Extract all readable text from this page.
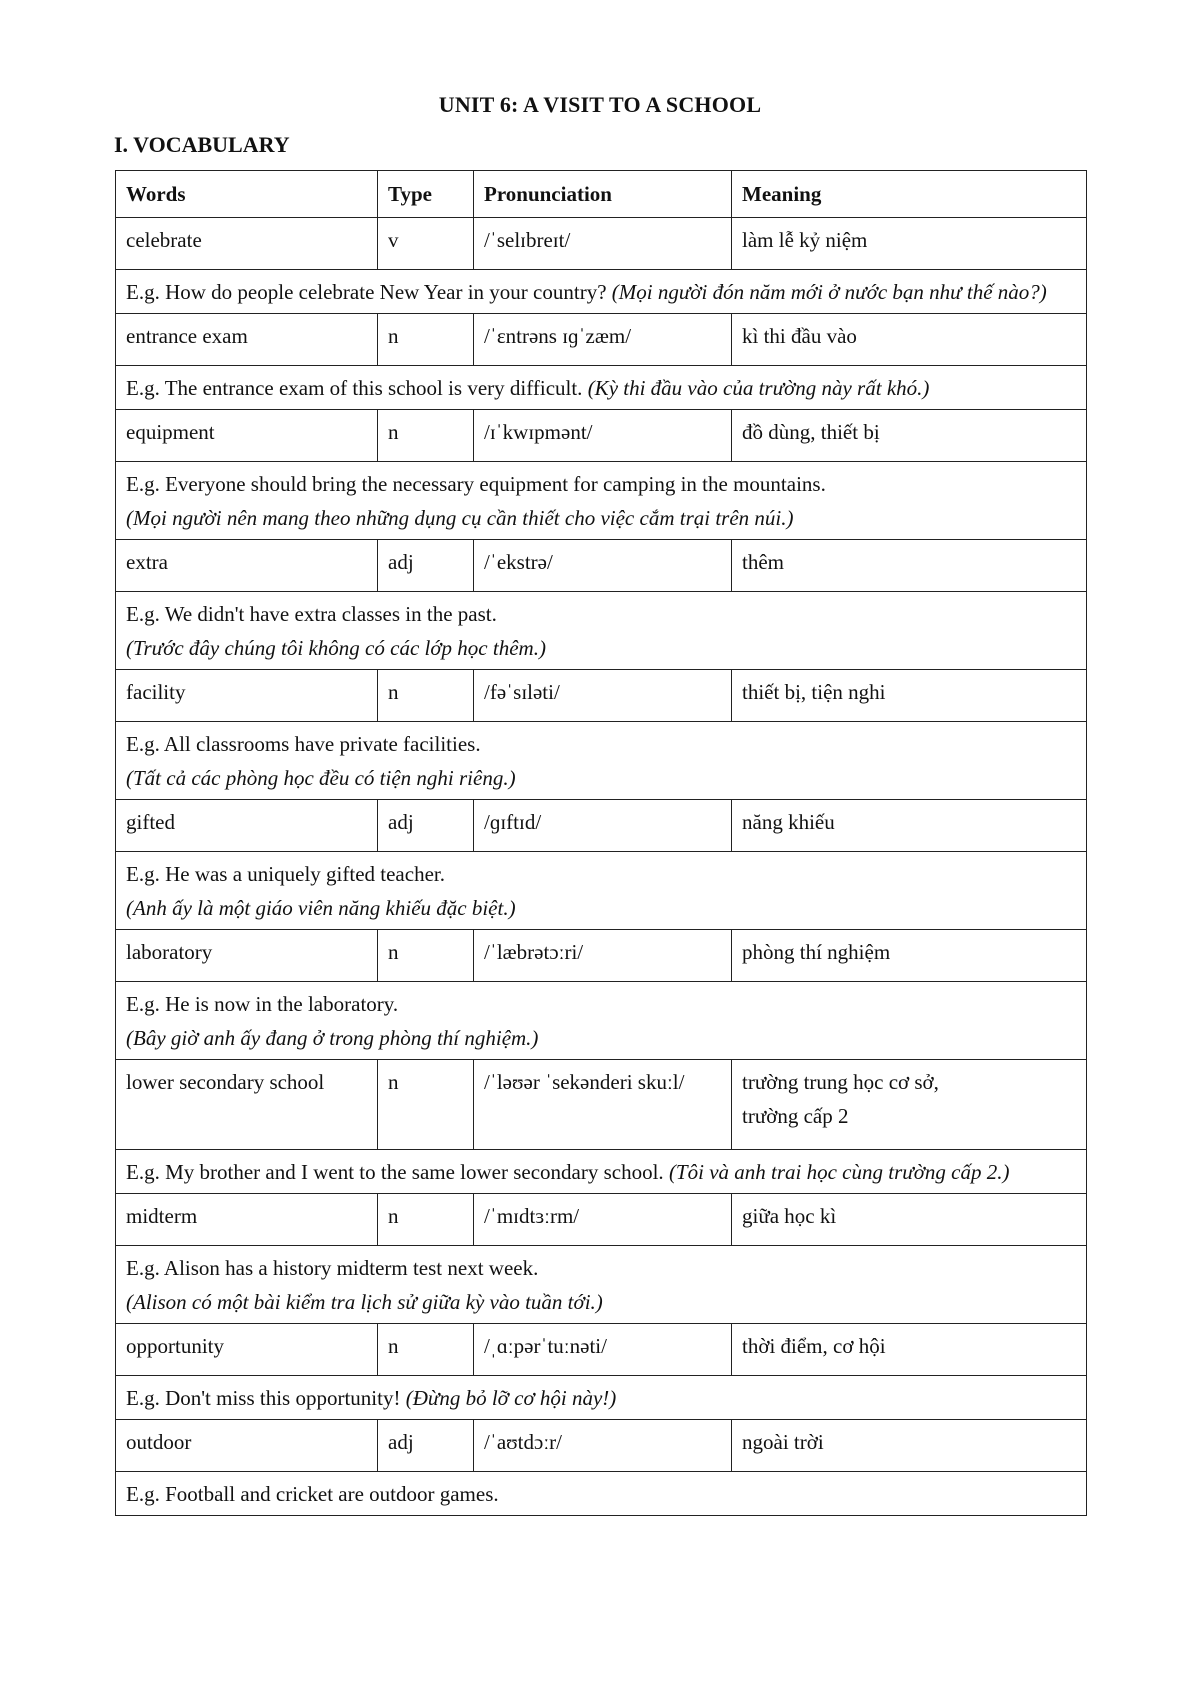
UNIT 6: A VISIT TO A SCHOOL
I. VOCABULARY
Words	Type	Pronunciation	Meaning
celebrate	v	/ˈselɪbreɪt/	làm lễ kỷ niệm
E.g. How do people celebrate New Year in your country? (Mọi người đón năm mới ở nước bạn như thế nào?)			
entrance exam	n	/ˈɛntrəns ɪɡˈzæm/	kì thi đầu vào
E.g. The entrance exam of this school is very difficult. (Kỳ thi đầu vào của trường này rất khó.)			
equipment	n	/ɪˈkwɪpmənt/	đồ dùng, thiết bị

E.g. Everyone should bring the necessary equipment for camping in the mountains.
(Mọi người nên mang theo những dụng cụ cần thiết cho việc cắm trại trên núi.)			

extra	adj	/ˈekstrə/	thêm

E.g. We didn't have extra classes in the past.
(Trước đây chúng tôi không có các lớp học thêm.)			

facility	n	/fəˈsɪləti/	thiết bị, tiện nghi

E.g. All classrooms have private facilities.
(Tất cả các phòng học đều có tiện nghi riêng.)			

gifted	adj	/ɡɪftɪd/	năng khiếu

E.g. He was a uniquely gifted teacher.
(Anh ấy là một giáo viên năng khiếu đặc biệt.)			

laboratory	n	/ˈlæbrətɔːri/	phòng thí nghiệm

E.g. He is now in the laboratory.
(Bây giờ anh ấy đang ở trong phòng thí nghiệm.)			

lower secondary school	n	/ˈləʊər ˈsekənderi skuːl/	trường trung học cơ sở,
trường cấp 2

E.g. My brother and I went to the same lower secondary school. (Tôi và anh trai học cùng trường cấp 2.)			
midterm	n	/ˈmɪdtɜːrm/	giữa học kì

E.g. Alison has a history midterm test next week.
(Alison có một bài kiểm tra lịch sử giữa kỳ vào tuần tới.)			

opportunity	n	/ˌɑːpərˈtuːnəti/	thời điểm, cơ hội
E.g. Don't miss this opportunity! (Đừng bỏ lỡ cơ hội này!)			
outdoor	adj	/ˈaʊtdɔːr/	ngoài trời

E.g. Football and cricket are outdoor games.			
